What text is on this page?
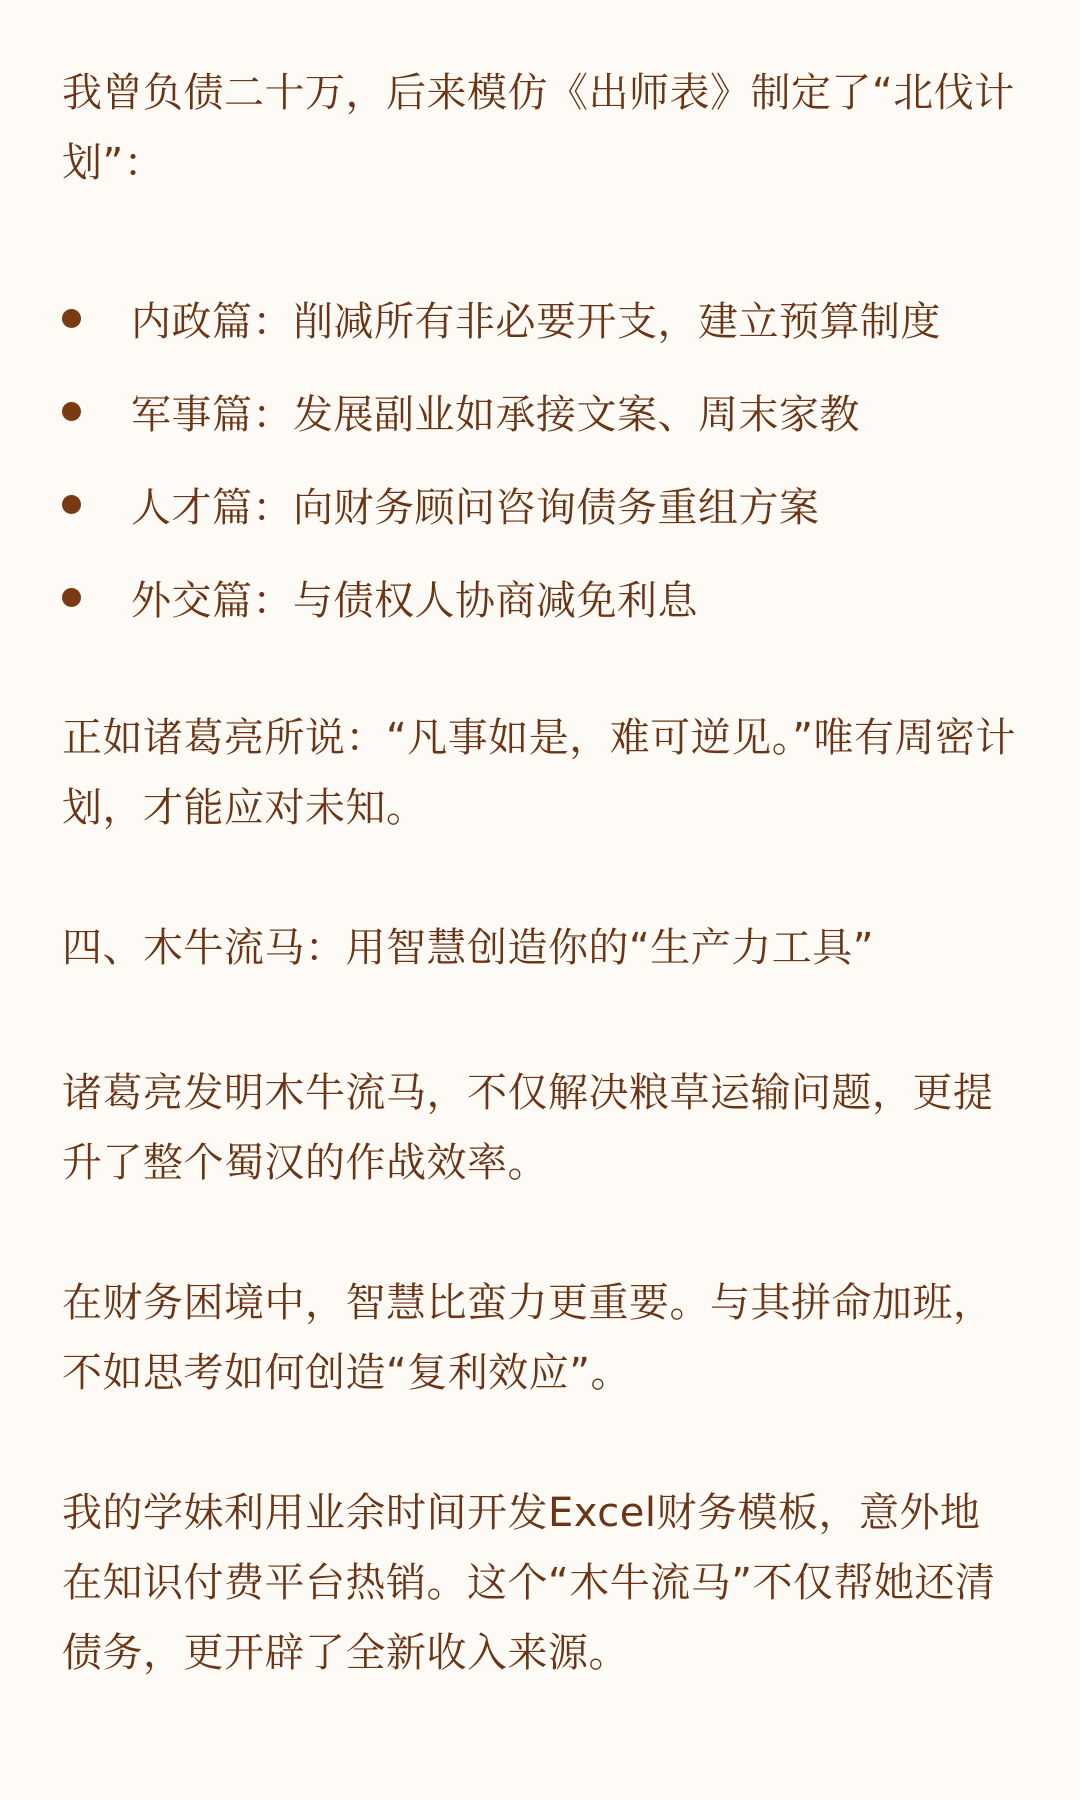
我曾负债二十万，后来模仿《出师表》制定了“北伐计划”：

内政篇：削减所有非必要开支，建立预算制度
军事篇：发展副业如承接文案、周末家教
人才篇：向财务顾问咨询债务重组方案
外交篇：与债权人协商减免利息

正如诸葛亮所说：“凡事如是，难可逆见。”唯有周密计划，才能应对未知。

四、木牛流马：用智慧创造你的“生产力工具”

诸葛亮发明木牛流马，不仅解决粮草运输问题，更提升了整个蜀汉的作战效率。

在财务困境中，智慧比蛮力更重要。与其拼命加班，不如思考如何创造“复利效应”。

我的学妹利用业余时间开发Excel财务模板，意外地在知识付费平台热销。这个“木牛流马”不仅帮她还清债务，更开辟了全新收入来源。
